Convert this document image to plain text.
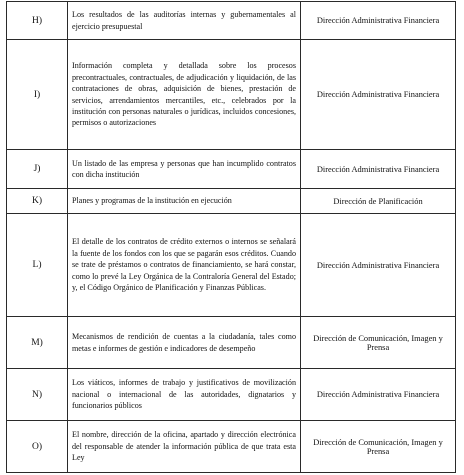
H)	Los resultados de las auditorías internas y gubernamentales al ejercicio presupuestal	Dirección Administrativa Financiera
I)	Información completa y detallada sobre los procesos precontractuales, contractuales, de adjudicación y liquidación, de las contrataciones de obras, adquisición de bienes, prestación de servicios, arrendamientos mercantiles, etc., celebrados por la institución con personas naturales o jurídicas, incluidos concesiones, permisos o autorizaciones	Dirección Administrativa Financiera
J)	Un listado de las empresa y personas que han incumplido contratos con dicha institución	Dirección Administrativa Financiera
K)	Planes y programas de la institución en ejecución	Dirección de Planificación
L)	El detalle de los contratos de crédito externos o internos se señalará la fuente de los fondos con los que se pagarán esos créditos. Cuando se trate de préstamos o contratos de financiamiento, se hará constar, como lo prevé la Ley Orgánica de la Contraloría General del Estado; y, el Código Orgánico de Planificación y Finanzas Públicas.	Dirección Administrativa Financiera
M)	Mecanismos de rendición de cuentas a la ciudadanía, tales como metas e informes de gestión e indicadores de desempeño	Dirección de Comunicación, Imagen y Prensa
N)	Los viáticos, informes de trabajo y justificativos de movilización nacional o internacional de las autoridades, dignatarios y funcionarios públicos	Dirección Administrativa Financiera
O)	El nombre, dirección de la oficina, apartado y dirección electrónica del responsable de atender la información pública de que trata esta Ley	Dirección de Comunicación, Imagen y Prensa
